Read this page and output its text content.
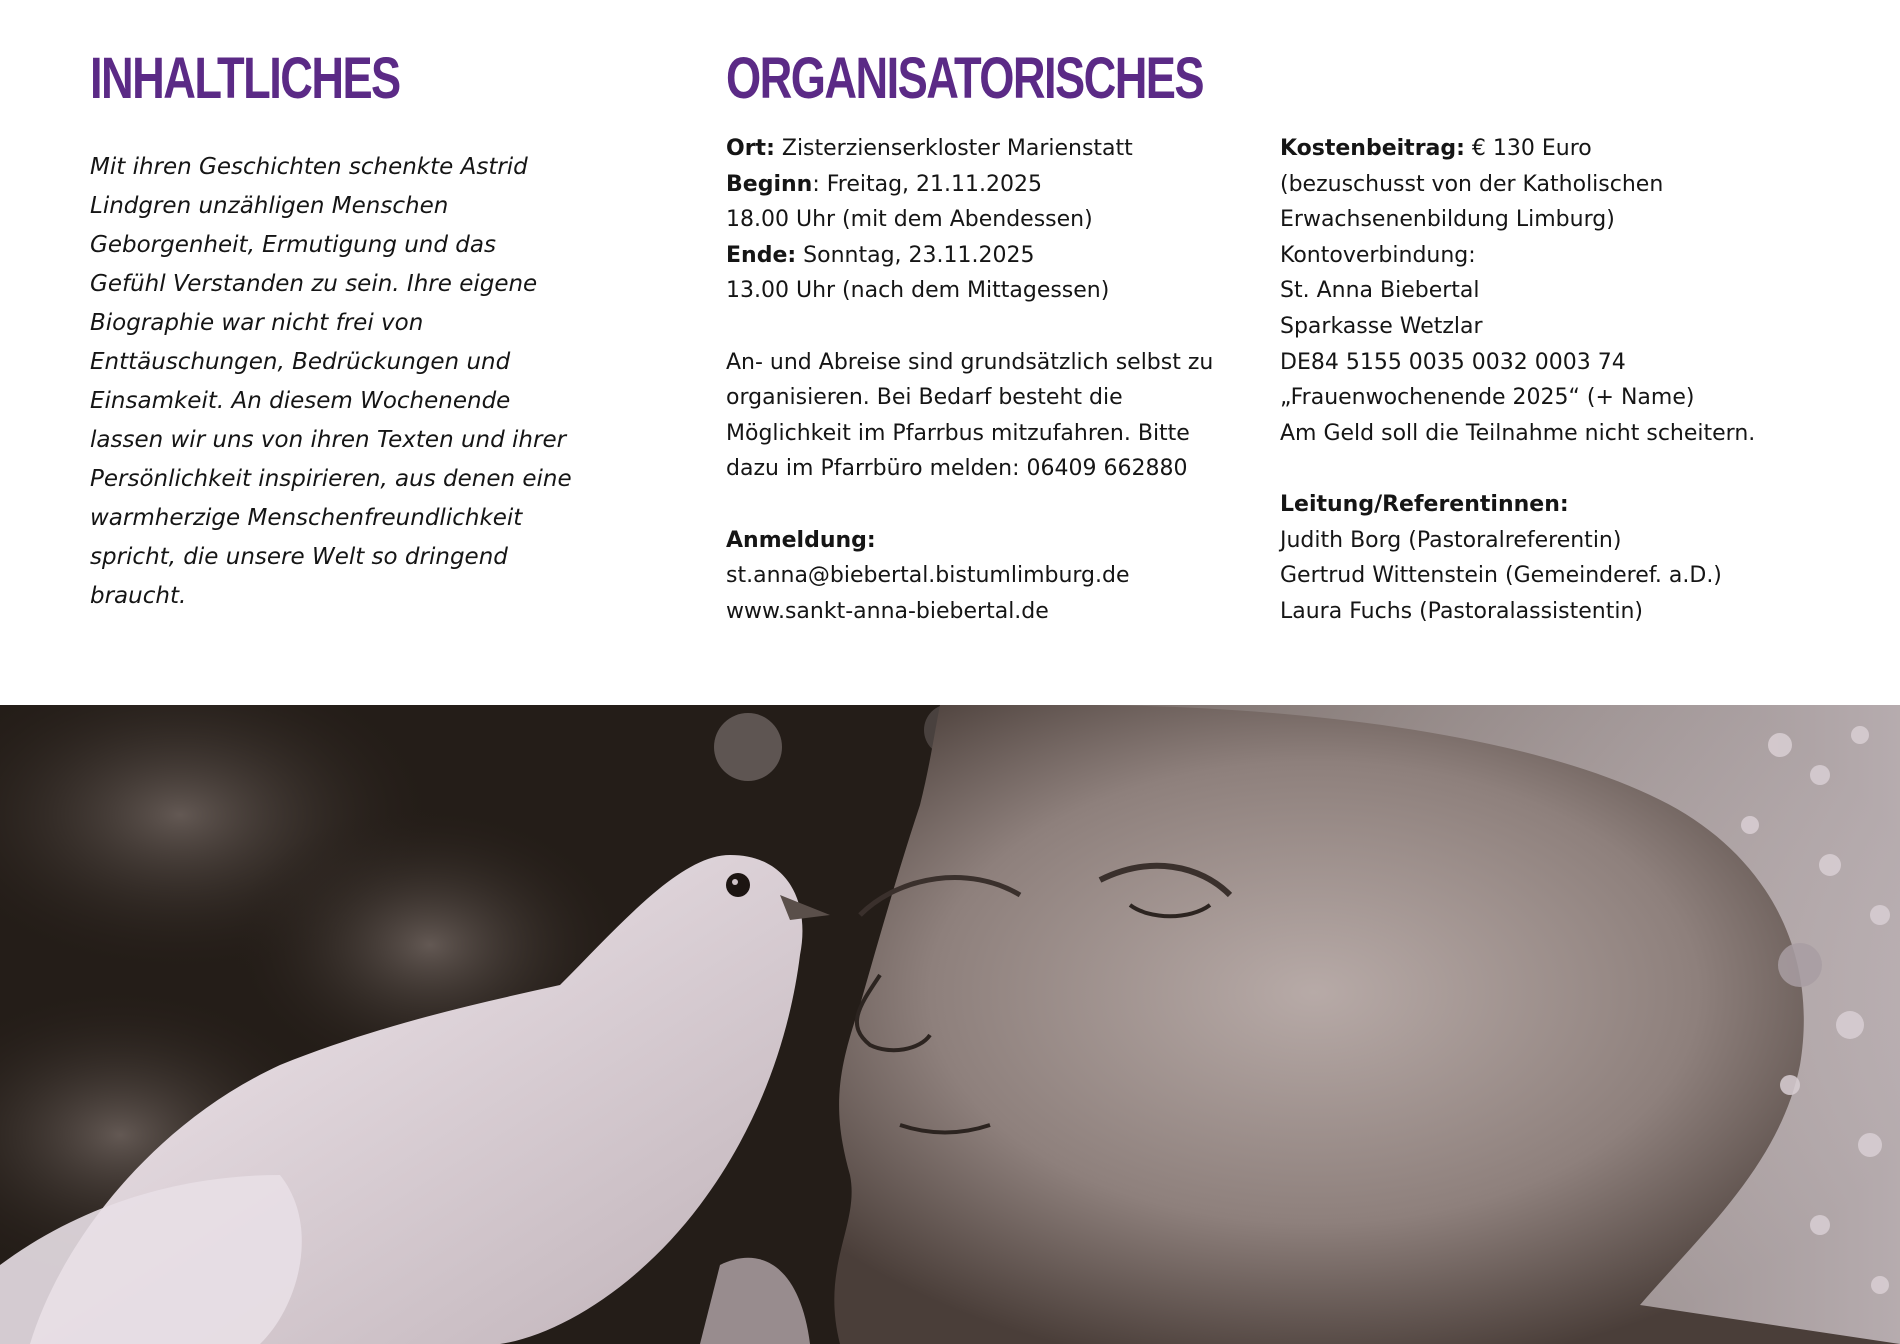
INHALTLICHES
Mit ihren Geschichten schenkte Astrid
Lindgren unzähligen Menschen
Geborgenheit, Ermutigung und das
Gefühl Verstanden zu sein. Ihre eigene
Biographie war nicht frei von
Enttäuschungen, Bedrückungen und
Einsamkeit. An diesem Wochenende
lassen wir uns von ihren Texten und ihrer
Persönlichkeit inspirieren, aus denen eine
warmherzige Menschenfreundlichkeit
spricht, die unsere Welt so dringend
braucht.
ORGANISATORISCHES
Ort: Zisterzienserkloster Marienstatt
Beginn: Freitag, 21.11.2025
18.00 Uhr (mit dem Abendessen)
Ende: Sonntag, 23.11.2025
13.00 Uhr (nach dem Mittagessen)
An- und Abreise sind grundsätzlich selbst zu
organisieren. Bei Bedarf besteht die
Möglichkeit im Pfarrbus mitzufahren. Bitte
dazu im Pfarrbüro melden: 06409 662880
Anmeldung:
st.anna@biebertal.bistumlimburg.de
www.sankt-anna-biebertal.de
Kostenbeitrag: € 130 Euro
(bezuschusst von der Katholischen
Erwachsenenbildung Limburg)
Kontoverbindung:
St. Anna Biebertal
Sparkasse Wetzlar
DE84 5155 0035 0032 0003 74
„Frauenwochenende 2025“ (+ Name)
Am Geld soll die Teilnahme nicht scheitern.
Leitung/Referentinnen:
Judith Borg (Pastoralreferentin)
Gertrud Wittenstein (Gemeinderef. a.D.)
Laura Fuchs (Pastoralassistentin)
